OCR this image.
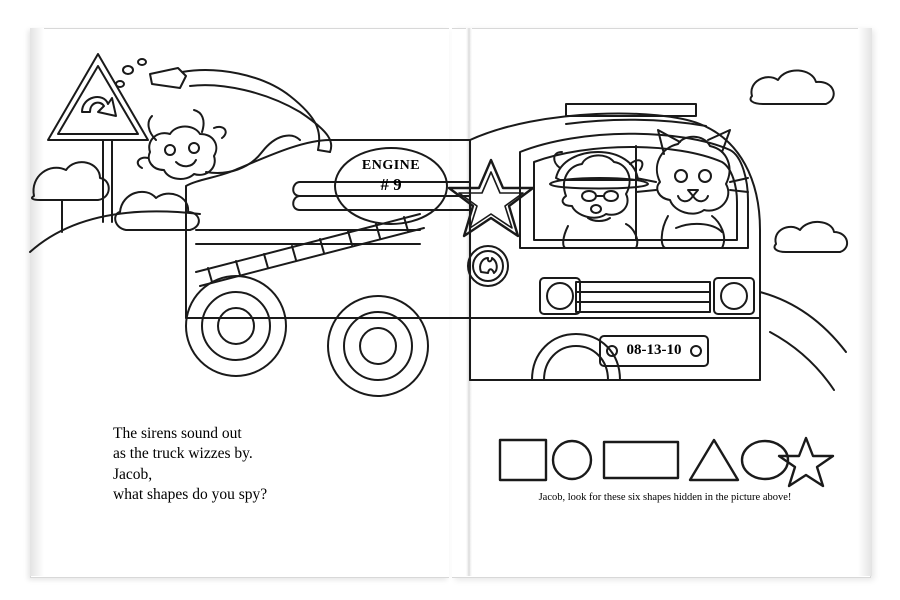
ENGINE
# 9
08-13-10
The sirens sound out
as the truck wizzes by.
Jacob,
what shapes do you spy?	Jacob, look for these six shapes hidden in the picture above!
